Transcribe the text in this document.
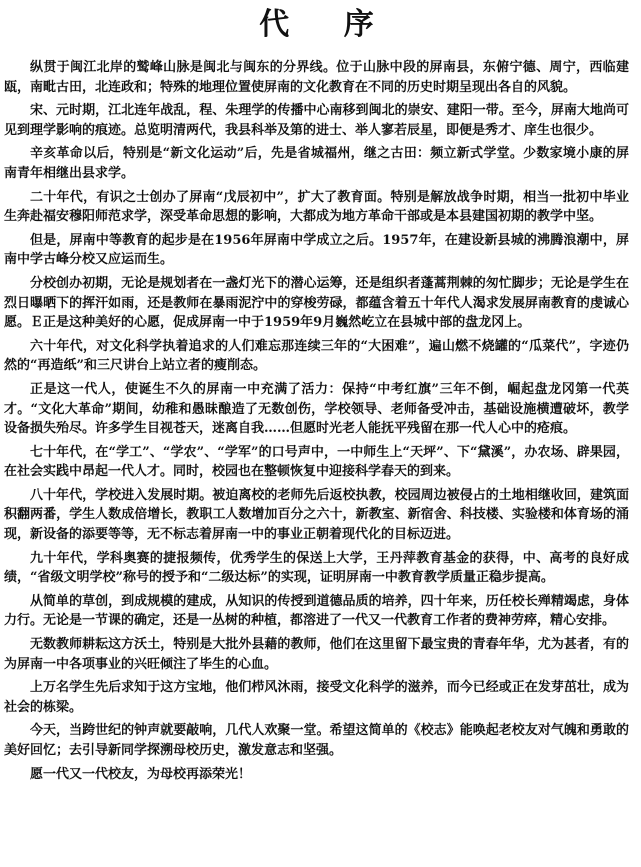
代 序

纵贯于闽江北岸的鹫峰山脉是闽北与闽东的分界线。位于山脉中段的屏南县，东俯宁德、周宁，西临建瓯，南毗古田，北连政和；特殊的地理位置使屏南的文化教育在不同的历史时期呈现出各自的风貌。

宋、元时期，江北连年战乱，程、朱理学的传播中心南移到闽北的崇安、建阳一带。至今，屏南大地尚可见到理学影响的痕迹。总览明清两代，我县科举及第的进士、举人寥若辰星，即便是秀才、庠生也很少。

辛亥革命以后，特别是“新文化运动”后，先是省城福州，继之古田：频立新式学堂。少数家境小康的屏南青年相继出县求学。

二十年代，有识之士创办了屏南“戊辰初中”，扩大了教育面。特别是解放战争时期，相当一批初中毕业生奔赴福安穆阳师范求学，深受革命思想的影响，大都成为地方革命干部或是本县建国初期的教学中坚。

但是，屏南中等教育的起步是在1956年屏南中学成立之后。1957年，在建设新县城的沸腾浪潮中，屏南中学古峰分校又应运而生。

分校创办初期，无论是规划者在一盏灯光下的潜心运筹，还是组织者蓬蒿荆棘的匆忙脚步；无论是学生在烈日曝晒下的挥汗如雨，还是教师在暴雨泥泞中的穿梭劳碌，都蕴含着五十年代人渴求发展屏南教育的虔诚心愿。Ｅ正是这种美好的心愿，促成屏南一中于1959年9月巍然屹立在县城中部的盘龙冈上。

六十年代，对文化科学执着追求的人们难忘那连续三年的“大困难”，遍山燃不烧罐的“瓜菜代”，字迹仍然的“再造纸”和三尺讲台上站立者的瘦削态。

正是这一代人，使诞生不久的屏南一中充满了活力：保持“中考红旗”三年不倒，崛起盘龙冈第一代英才。“文化大革命”期间，幼稚和愚昧酿造了无数创伤，学校领导、老师备受冲击，基础设施横遭破坏，教学设备损失殆尽。许多学生目视苍天，迷离自我……但愿时光老人能抚平残留在那一代人心中的疮痕。

七十年代，在“学工”、“学农”、“学军”的口号声中，一中师生上“天坪”、下“黛溪”，办农场、辟果园，在社会实践中昂起一代人才。同时，校园也在整顿恢复中迎接科学春天的到来。

八十年代，学校进入发展时期。被迫离校的老师先后返校执教，校园周边被侵占的土地相继收回，建筑面积翻两番，学生人数成倍增长，教职工人数增加百分之六十，新教室、新宿舍、科技楼、实验楼和体育场的涌现，新设备的添要等等，无不标志着屏南一中的事业正朝着现代化的目标迈进。

九十年代，学科奥赛的捷报频传，优秀学生的保送上大学，王丹萍教育基金的获得，中、高考的良好成绩，“省级文明学校”称号的授予和“二级达标”的实现，证明屏南一中教育教学质量正稳步提高。

从简单的草创，到成规模的建成，从知识的传授到道德品质的培养，四十年来，历任校长殚精竭虑，身体力行。无论是一节课的确定，还是一丛树的种植，都溶进了一代又一代教育工作者的费神劳瘁，精心安排。

无数教师耕耘这方沃土，特别是大批外县藉的教师，他们在这里留下最宝贵的青春年华，尤为甚者，有的为屏南一中各项事业的兴旺倾注了毕生的心血。

上万名学生先后求知于这方宝地，他们栉风沐雨，接受文化科学的滋养，而今已经或正在发芽茁壮，成为社会的栋梁。

今天，当跨世纪的钟声就要敲响，几代人欢聚一堂。希望这简单的《校志》能唤起老校友对气魄和勇敢的美好回忆；去引导新同学探溯母校历史，激发意志和坚强。

愿一代又一代校友，为母校再添荣光！
